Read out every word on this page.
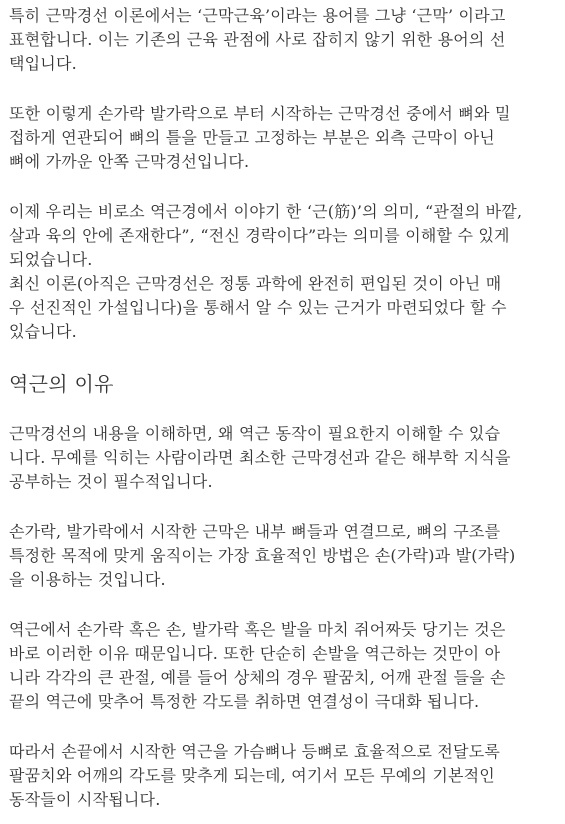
특히 근막경선 이론에서는 ‘근막근육’이라는 용어를 그냥 ‘근막’ 이라고
표현합니다. 이는 기존의 근육 관점에 사로 잡히지 않기 위한 용어의 선
택입니다.

또한 이렇게 손가락 발가락으로 부터 시작하는 근막경선 중에서 뼈와 밀
접하게 연관되어 뼈의 틀을 만들고 고정하는 부분은 외측 근막이 아닌
뼈에 가까운 안쪽 근막경선입니다.

이제 우리는 비로소 역근경에서 이야기 한 ‘근(筋)’의 의미, “관절의 바깥,
살과 육의 안에 존재한다”, “전신 경락이다”라는 의미를 이해할 수 있게
되었습니다.

최신 이론(아직은 근막경선은 정통 과학에 완전히 편입된 것이 아닌 매
우 선진적인 가설입니다)을 통해서 알 수 있는 근거가 마련되었다 할 수
있습니다.

역근의 이유

근막경선의 내용을 이해하면, 왜 역근 동작이 필요한지 이해할 수 있습
니다. 무예를 익히는 사람이라면 최소한 근막경선과 같은 해부학 지식을
공부하는 것이 필수적입니다.

손가락, 발가락에서 시작한 근막은 내부 뼈들과 연결므로, 뼈의 구조를
특정한 목적에 맞게 움직이는 가장 효율적인 방법은 손(가락)과 발(가락)
을 이용하는 것입니다.

역근에서 손가락 혹은 손, 발가락 혹은 발을 마치 쥐어짜듯 당기는 것은
바로 이러한 이유 때문입니다. 또한 단순히 손발을 역근하는 것만이 아
니라 각각의 큰 관절, 예를 들어 상체의 경우 팔꿈치, 어깨 관절 들을 손
끝의 역근에 맞추어 특정한 각도를 취하면 연결성이 극대화 됩니다.

따라서 손끝에서 시작한 역근을 가슴뼈나 등뼈로 효율적으로 전달도록
팔꿈치와 어깨의 각도를 맞추게 되는데, 여기서 모든 무예의 기본적인
동작들이 시작됩니다.
